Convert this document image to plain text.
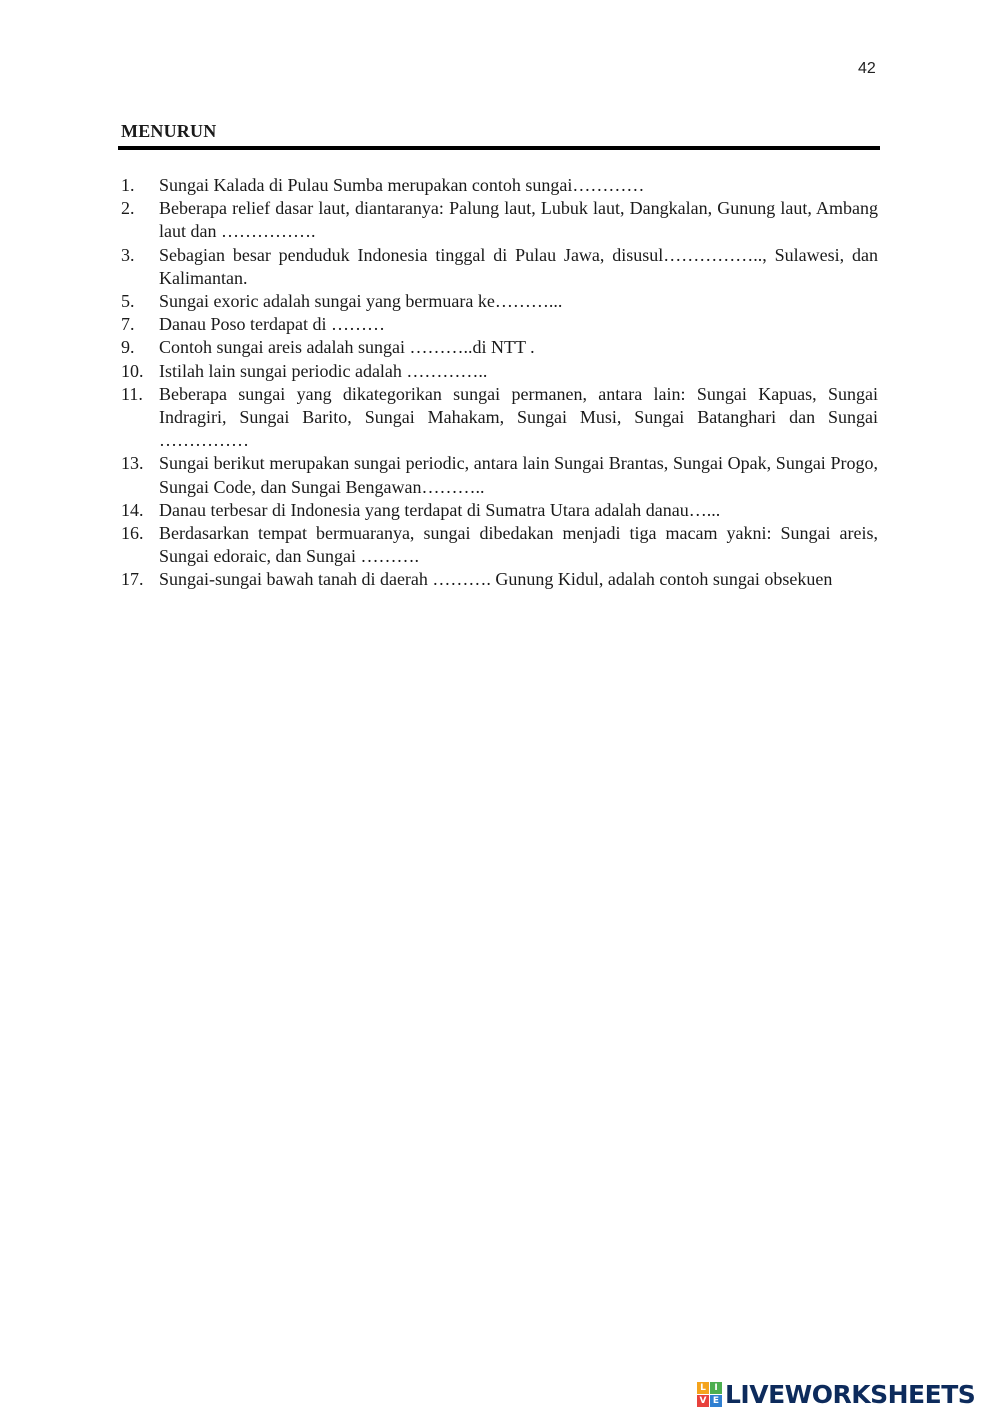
42
MENURUN
1.	Sungai Kalada di Pulau Sumba merupakan contoh sungai…………
2.	Beberapa relief dasar laut, diantaranya: Palung laut, Lubuk laut, Dangkalan, Gunung laut, Ambang laut dan …………….
3.	Sebagian besar penduduk Indonesia tinggal di Pulau Jawa, disusul…………….., Sulawesi, dan Kalimantan.
5.	Sungai exoric adalah sungai yang bermuara ke………...
7.	Danau Poso terdapat di ………
9.	Contoh sungai areis adalah sungai ………..di NTT .
10. Istilah lain sungai periodic adalah …………..
11. Beberapa sungai yang dikategorikan sungai permanen, antara lain: Sungai Kapuas, Sungai Indragiri, Sungai Barito, Sungai Mahakam, Sungai Musi, Sungai Batanghari dan Sungai ……………
13. Sungai berikut merupakan sungai periodic, antara lain Sungai Brantas, Sungai Opak, Sungai Progo, Sungai Code, dan Sungai Bengawan………..
14. Danau terbesar di Indonesia yang terdapat di Sumatra Utara adalah danau…...
16. Berdasarkan tempat bermuaranya, sungai dibedakan menjadi tiga macam yakni: Sungai areis, Sungai edoraic, dan Sungai ……….
17. Sungai-sungai bawah tanah di daerah ………. Gunung Kidul, adalah contoh sungai obsekuen
L I
V E LIVEWORKSHEETS
